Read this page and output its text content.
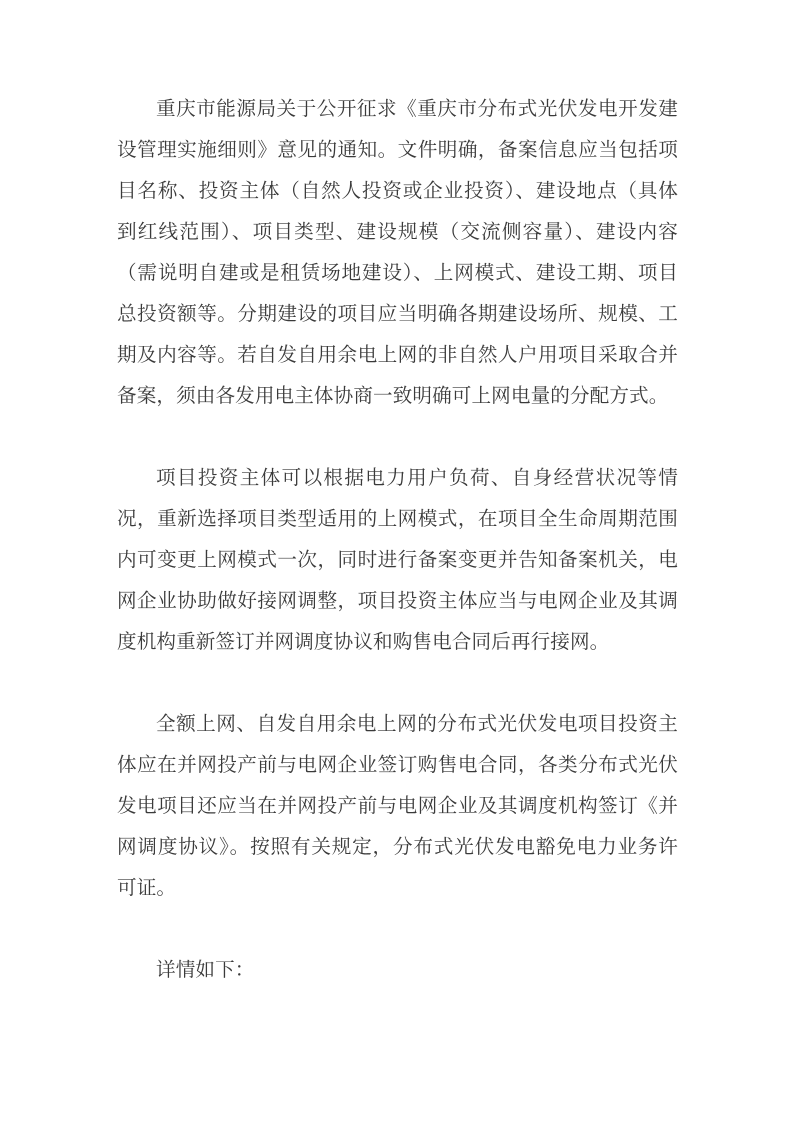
重庆市能源局关于公开征求《重庆市分布式光伏发电开发建设管理实施细则》意见的通知。文件明确，备案信息应当包括项目名称、投资主体（自然人投资或企业投资）、建设地点（具体到红线范围）、项目类型、建设规模（交流侧容量）、建设内容（需说明自建或是租赁场地建设）、上网模式、建设工期、项目总投资额等。分期建设的项目应当明确各期建设场所、规模、工期及内容等。若自发自用余电上网的非自然人户用项目采取合并备案，须由各发用电主体协商一致明确可上网电量的分配方式。

项目投资主体可以根据电力用户负荷、自身经营状况等情况，重新选择项目类型适用的上网模式，在项目全生命周期范围内可变更上网模式一次，同时进行备案变更并告知备案机关，电网企业协助做好接网调整，项目投资主体应当与电网企业及其调度机构重新签订并网调度协议和购售电合同后再行接网。

全额上网、自发自用余电上网的分布式光伏发电项目投资主体应在并网投产前与电网企业签订购售电合同，各类分布式光伏发电项目还应当在并网投产前与电网企业及其调度机构签订《并网调度协议》。按照有关规定，分布式光伏发电豁免电力业务许可证。

详情如下：
